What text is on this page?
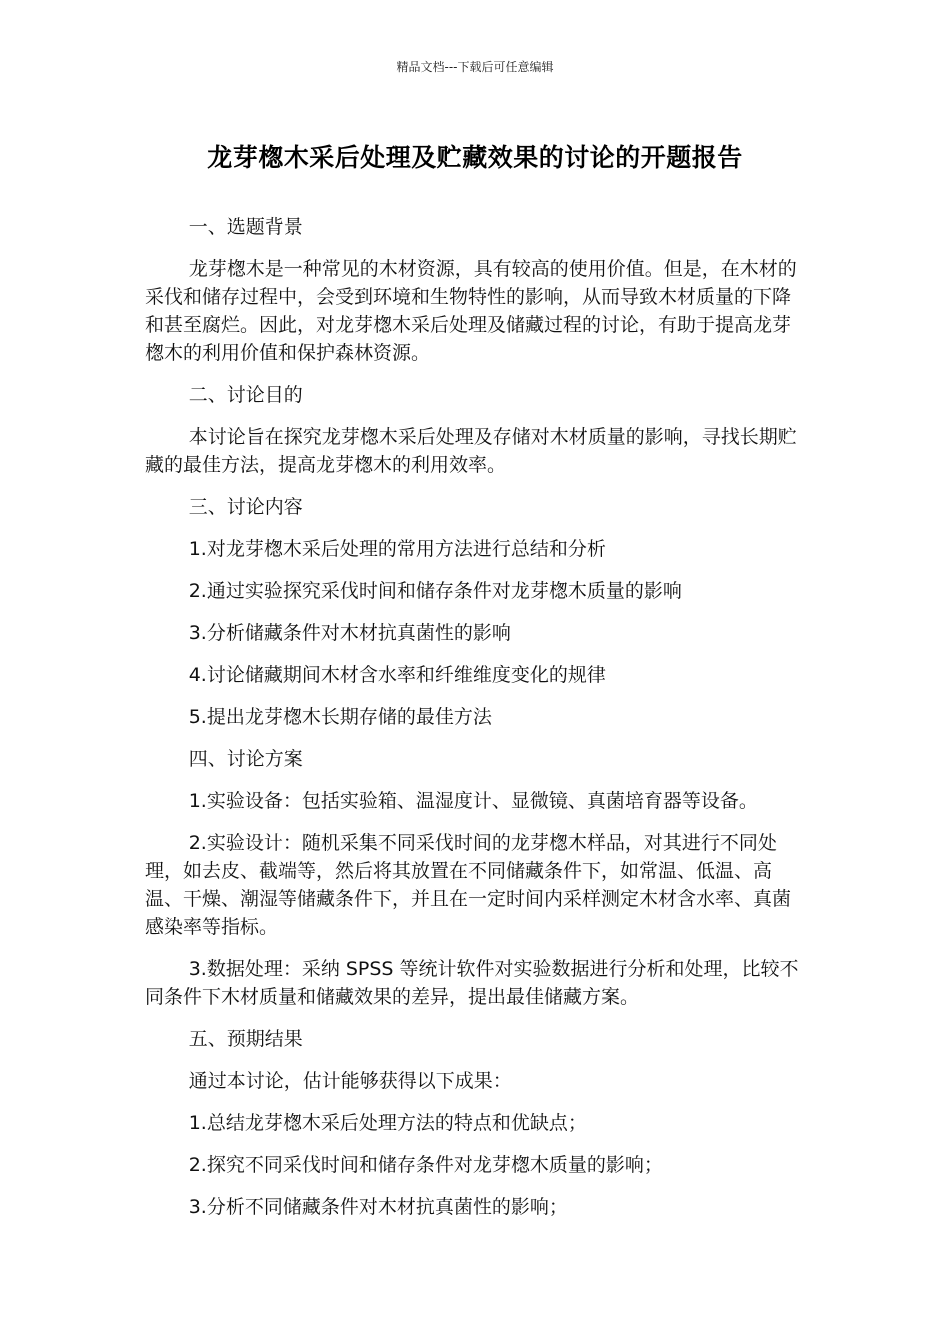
精品文档---下载后可任意编辑
龙芽楤木采后处理及贮藏效果的讨论的开题报告

一、选题背景

龙芽楤木是一种常见的木材资源，具有较高的使用价值。但是，在木材的采伐和储存过程中，会受到环境和生物特性的影响，从而导致木材质量的下降和甚至腐烂。因此，对龙芽楤木采后处理及储藏过程的讨论，有助于提高龙芽楤木的利用价值和保护森林资源。

二、讨论目的

本讨论旨在探究龙芽楤木采后处理及存储对木材质量的影响，寻找长期贮藏的最佳方法，提高龙芽楤木的利用效率。

三、讨论内容

1.对龙芽楤木采后处理的常用方法进行总结和分析

2.通过实验探究采伐时间和储存条件对龙芽楤木质量的影响

3.分析储藏条件对木材抗真菌性的影响

4.讨论储藏期间木材含水率和纤维维度变化的规律

5.提出龙芽楤木长期存储的最佳方法

四、讨论方案

1.实验设备：包括实验箱、温湿度计、显微镜、真菌培育器等设备。

2.实验设计：随机采集不同采伐时间的龙芽楤木样品，对其进行不同处理，如去皮、截端等，然后将其放置在不同储藏条件下，如常温、低温、高温、干燥、潮湿等储藏条件下，并且在一定时间内采样测定木材含水率、真菌感染率等指标。

3.数据处理：采纳 SPSS 等统计软件对实验数据进行分析和处理，比较不同条件下木材质量和储藏效果的差异，提出最佳储藏方案。

五、预期结果

通过本讨论，估计能够获得以下成果：

1.总结龙芽楤木采后处理方法的特点和优缺点；

2.探究不同采伐时间和储存条件对龙芽楤木质量的影响；

3.分析不同储藏条件对木材抗真菌性的影响；
